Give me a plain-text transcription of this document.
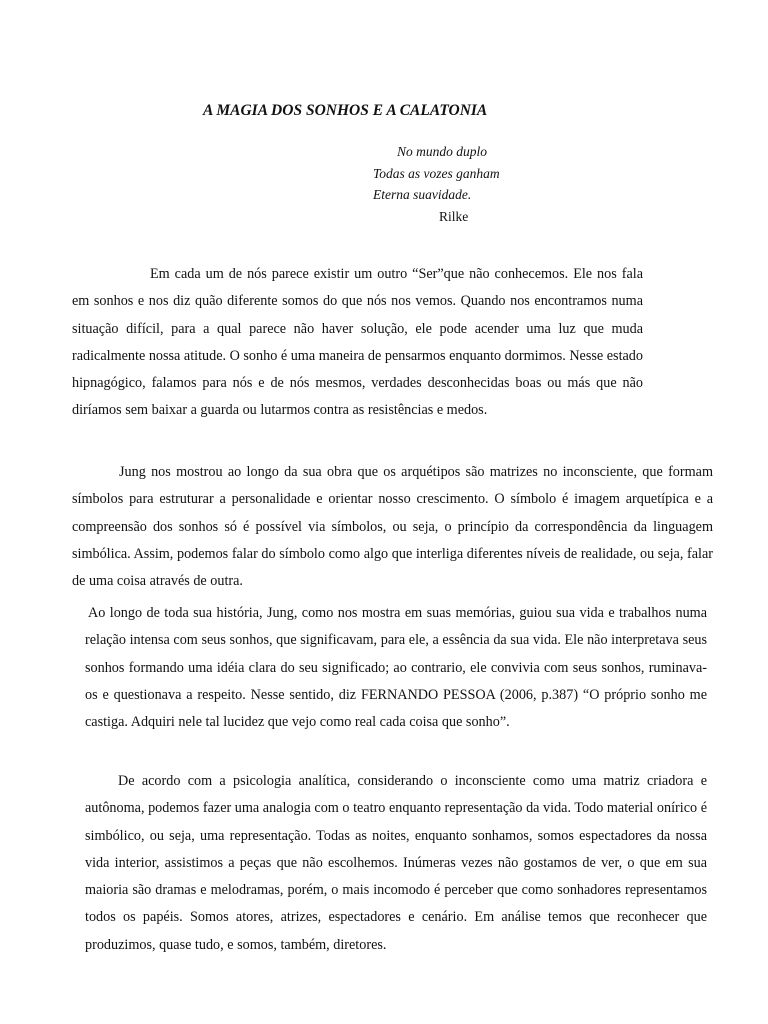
A MAGIA DOS SONHOS E A CALATONIA
No mundo duplo
Todas as vozes ganham
Eterna suavidade.
Rilke

Em cada um de nós parece existir um outro “Ser”que não conhecemos. Ele nos fala em sonhos e nos diz quão diferente somos do que nós nos vemos. Quando nos encontramos numa situação difícil, para a qual parece não haver solução, ele pode acender uma luz que muda radicalmente nossa atitude. O sonho é uma maneira de pensarmos enquanto dormimos. Nesse estado hipnagógico, falamos para nós e de nós mesmos, verdades desconhecidas boas ou más que não diríamos sem baixar a guarda ou lutarmos contra as resistências e medos.

Jung nos mostrou ao longo da sua obra que os arquétipos são matrizes no inconsciente, que formam símbolos para estruturar a personalidade e orientar nosso crescimento. O símbolo é imagem arquetípica e a compreensão dos sonhos só é possível via símbolos, ou seja, o princípio da correspondência da linguagem simbólica. Assim, podemos falar do símbolo como algo que interliga diferentes níveis de realidade, ou seja, falar de uma coisa através de outra.

Ao longo de toda sua história, Jung, como nos mostra em suas memórias, guiou sua vida e trabalhos numa relação intensa com seus sonhos, que significavam, para ele, a essência da sua vida. Ele não interpretava seus sonhos formando uma idéia clara do seu significado; ao contrario, ele convivia com seus sonhos, ruminava-os e questionava a respeito. Nesse sentido, diz FERNANDO PESSOA (2006, p.387) “O próprio sonho me castiga. Adquiri nele tal lucidez que vejo como real cada coisa que sonho”.

De acordo com a psicologia analítica, considerando o inconsciente como uma matriz criadora e autônoma, podemos fazer uma analogia com o teatro enquanto representação da vida. Todo material onírico é simbólico, ou seja, uma representação. Todas as noites, enquanto sonhamos, somos espectadores da nossa vida interior, assistimos a peças que não escolhemos. Inúmeras vezes não gostamos de ver, o que em sua maioria são dramas e melodramas, porém, o mais incomodo é perceber que como sonhadores representamos todos os papéis. Somos atores, atrizes, espectadores e cenário. Em análise temos que reconhecer que produzimos, quase tudo, e somos, também, diretores.
